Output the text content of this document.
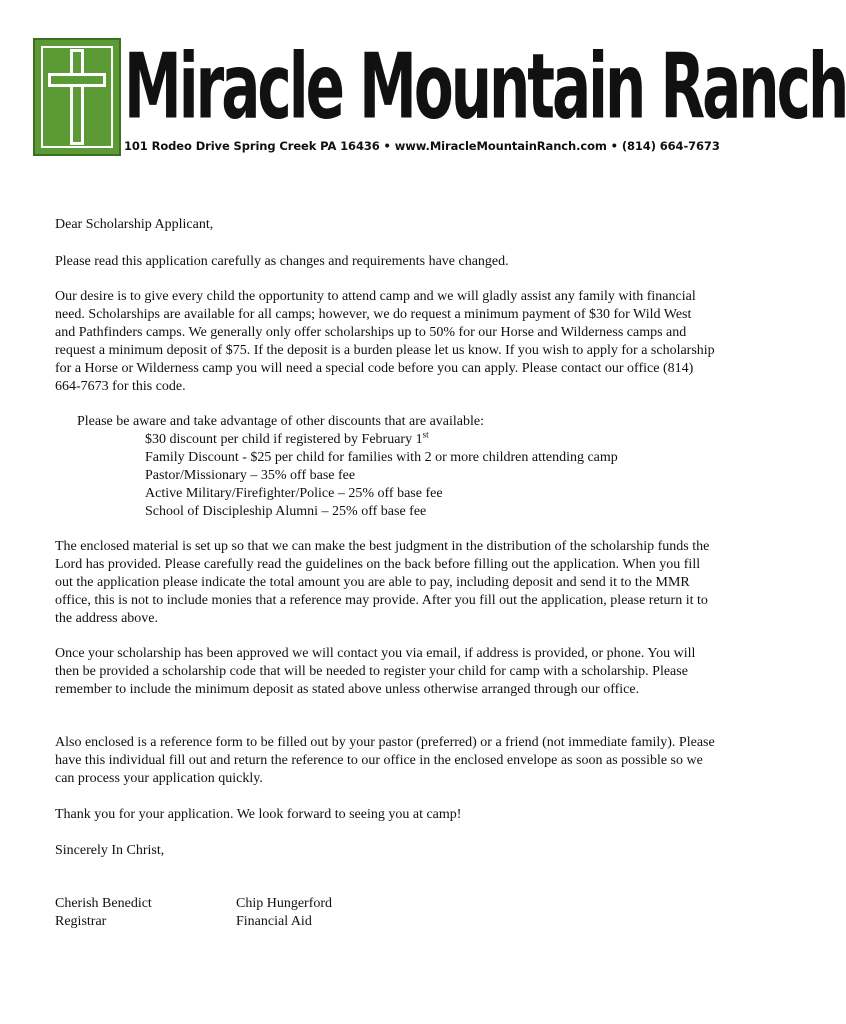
Miracle Mountain Ranch
101 Rodeo Drive Spring Creek PA 16436 • www.MiracleMountainRanch.com • (814) 664-7673

Dear Scholarship Applicant,

Please read this application carefully as changes and requirements have changed.

Our desire is to give every child the opportunity to attend camp and we will gladly assist any family with financial need. Scholarships are available for all camps; however, we do request a minimum payment of $30 for Wild West and Pathfinders camps. We generally only offer scholarships up to 50% for our Horse and Wilderness camps and request a minimum deposit of $75. If the deposit is a burden please let us know. If you wish to apply for a scholarship for a Horse or Wilderness camp you will need a special code before you can apply. Please contact our office (814) 664-7673 for this code.

Please be aware and take advantage of other discounts that are available:

$30 discount per child if registered by February 1st
Family Discount - $25 per child for families with 2 or more children attending camp
Pastor/Missionary – 35% off base fee
Active Military/Firefighter/Police – 25% off base fee
School of Discipleship Alumni – 25% off base fee

The enclosed material is set up so that we can make the best judgment in the distribution of the scholarship funds the Lord has provided. Please carefully read the guidelines on the back before filling out the application. When you fill out the application please indicate the total amount you are able to pay, including deposit and send it to the MMR office, this is not to include monies that a reference may provide. After you fill out the application, please return it to the address above.

Once your scholarship has been approved we will contact you via email, if address is provided, or phone. You will then be provided a scholarship code that will be needed to register your child for camp with a scholarship. Please remember to include the minimum deposit as stated above unless otherwise arranged through our office.

Also enclosed is a reference form to be filled out by your pastor (preferred) or a friend (not immediate family). Please have this individual fill out and return the reference to our office in the enclosed envelope as soon as possible so we can process your application quickly.

Thank you for your application. We look forward to seeing you at camp!

Sincerely In Christ,

Cherish Benedict

Registrar

Chip Hungerford

Financial Aid
